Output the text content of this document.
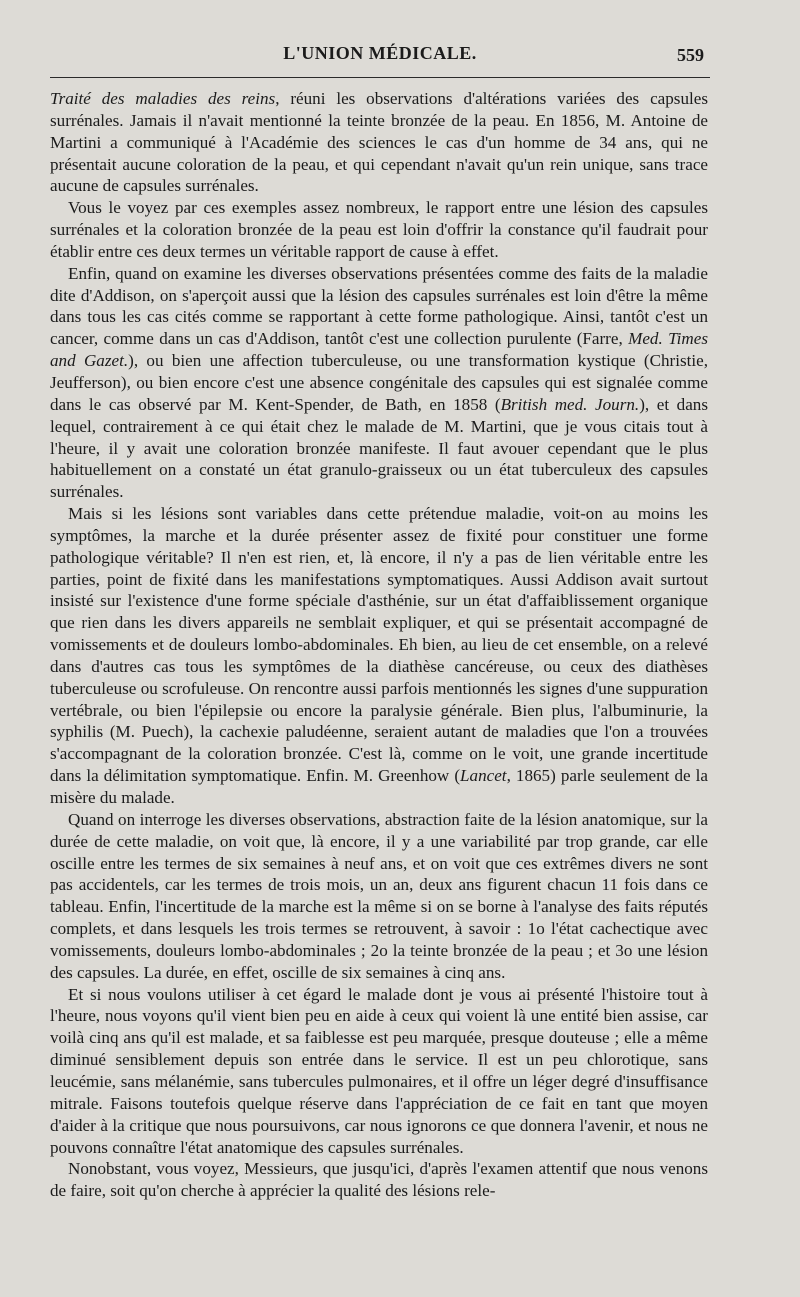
L'UNION MÉDICALE.	559

Traité des maladies des reins, réuni les observations d'altérations variées des capsules surrénales. Jamais il n'avait mentionné la teinte bronzée de la peau. En 1856, M. Antoine de Martini a communiqué à l'Académie des sciences le cas d'un homme de 34 ans, qui ne présentait aucune coloration de la peau, et qui cependant n'avait qu'un rein unique, sans trace aucune de capsules surrénales.

Vous le voyez par ces exemples assez nombreux, le rapport entre une lésion des capsules surrénales et la coloration bronzée de la peau est loin d'offrir la constance qu'il faudrait pour établir entre ces deux termes un véritable rapport de cause à effet.

Enfin, quand on examine les diverses observations présentées comme des faits de la maladie dite d'Addison, on s'aperçoit aussi que la lésion des capsules surrénales est loin d'être la même dans tous les cas cités comme se rapportant à cette forme pathologique. Ainsi, tantôt c'est un cancer, comme dans un cas d'Addison, tantôt c'est une collection purulente (Farre, Med. Times and Gazet.), ou bien une affection tuberculeuse, ou une transformation kystique (Christie, Jeufferson), ou bien encore c'est une absence congénitale des capsules qui est signalée comme dans le cas observé par M. Kent-Spender, de Bath, en 1858 (British med. Journ.), et dans lequel, contrairement à ce qui était chez le malade de M. Martini, que je vous citais tout à l'heure, il y avait une coloration bronzée manifeste. Il faut avouer cependant que le plus habituellement on a constaté un état granulo-graisseux ou un état tuberculeux des capsules surrénales.

Mais si les lésions sont variables dans cette prétendue maladie, voit-on au moins les symptômes, la marche et la durée présenter assez de fixité pour constituer une forme pathologique véritable? Il n'en est rien, et, là encore, il n'y a pas de lien véritable entre les parties, point de fixité dans les manifestations symptomatiques. Aussi Addison avait surtout insisté sur l'existence d'une forme spéciale d'asthénie, sur un état d'affaiblissement organique que rien dans les divers appareils ne semblait expliquer, et qui se présentait accompagné de vomissements et de douleurs lombo-abdominales. Eh bien, au lieu de cet ensemble, on a relevé dans d'autres cas tous les symptômes de la diathèse cancéreuse, ou ceux des diathèses tuberculeuse ou scrofuleuse. On rencontre aussi parfois mentionnés les signes d'une suppuration vertébrale, ou bien l'épilepsie ou encore la paralysie générale. Bien plus, l'albuminurie, la syphilis (M. Puech), la cachexie paludéenne, seraient autant de maladies que l'on a trouvées s'accompagnant de la coloration bronzée. C'est là, comme on le voit, une grande incertitude dans la délimitation symptomatique. Enfin. M. Greenhow (Lancet, 1865) parle seulement de la misère du malade.

Quand on interroge les diverses observations, abstraction faite de la lésion anatomique, sur la durée de cette maladie, on voit que, là encore, il y a une variabilité par trop grande, car elle oscille entre les termes de six semaines à neuf ans, et on voit que ces extrêmes divers ne sont pas accidentels, car les termes de trois mois, un an, deux ans figurent chacun 11 fois dans ce tableau. Enfin, l'incertitude de la marche est la même si on se borne à l'analyse des faits réputés complets, et dans lesquels les trois termes se retrouvent, à savoir : 1o l'état cachectique avec vomissements, douleurs lombo-abdominales ; 2o la teinte bronzée de la peau ; et 3o une lésion des capsules. La durée, en effet, oscille de six semaines à cinq ans.

Et si nous voulons utiliser à cet égard le malade dont je vous ai présenté l'histoire tout à l'heure, nous voyons qu'il vient bien peu en aide à ceux qui voient là une entité bien assise, car voilà cinq ans qu'il est malade, et sa faiblesse est peu marquée, presque douteuse ; elle a même diminué sensiblement depuis son entrée dans le service. Il est un peu chlorotique, sans leucémie, sans mélanémie, sans tubercules pulmonaires, et il offre un léger degré d'insuffisance mitrale. Faisons toutefois quelque réserve dans l'appréciation de ce fait en tant que moyen d'aider à la critique que nous poursuivons, car nous ignorons ce que donnera l'avenir, et nous ne pouvons connaître l'état anatomique des capsules surrénales.

Nonobstant, vous voyez, Messieurs, que jusqu'ici, d'après l'examen attentif que nous venons de faire, soit qu'on cherche à apprécier la qualité des lésions rele-
